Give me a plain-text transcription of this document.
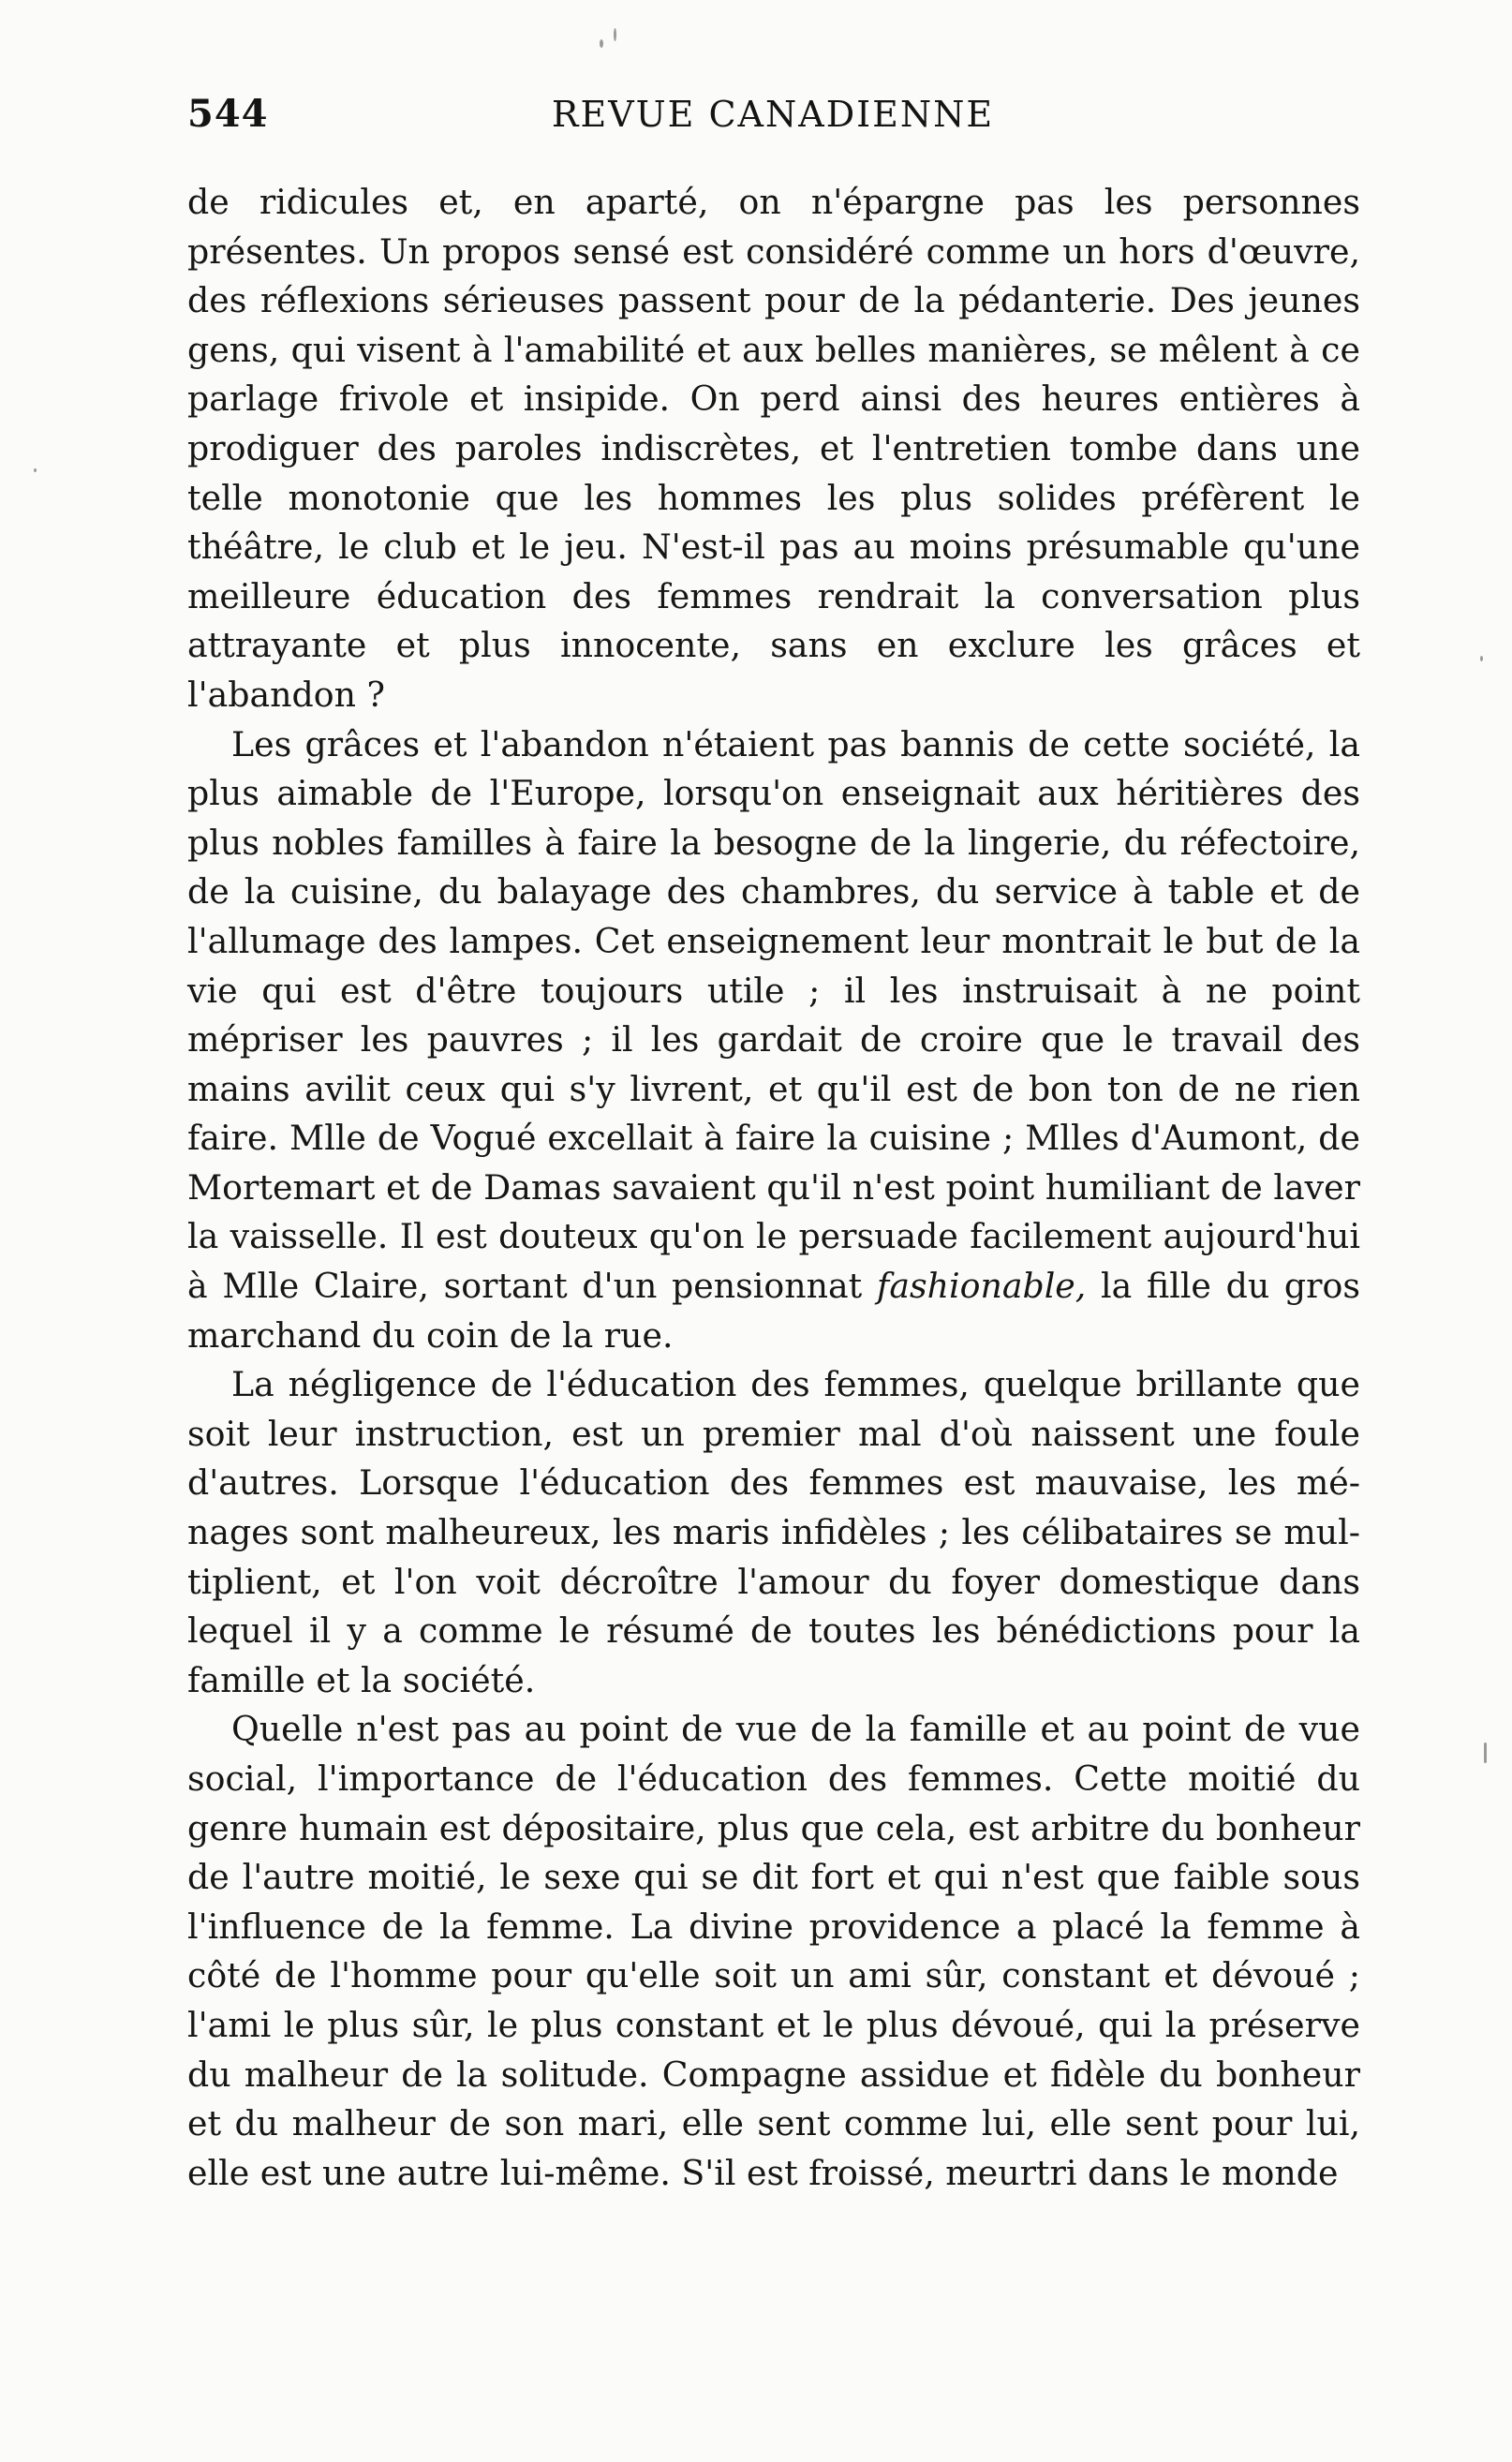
544	REVUE CANADIENNE

de ridicules et, en aparté, on n'épargne pas les personnes présentes. Un propos sensé est considéré comme un hors d'œuvre, des réflexions sérieuses passent pour de la pédanterie. Des jeunes gens, qui visent à l'amabilité et aux belles manières, se mêlent à ce parlage frivole et insipide. On perd ainsi des heures entières à prodiguer des paroles indiscrètes, et l'entretien tombe dans une telle monotonie que les hommes les plus solides préfèrent le théâtre, le club et le jeu. N'est-il pas au moins présumable qu'une meilleure éducation des femmes rendrait la conversation plus attrayante et plus innocente, sans en exclure les grâces et l'abandon ?

Les grâces et l'abandon n'étaient pas bannis de cette société, la plus aimable de l'Europe, lorsqu'on enseignait aux héritières des plus nobles familles à faire la besogne de la lingerie, du réfectoire, de la cuisine, du balayage des chambres, du service à table et de l'allumage des lampes. Cet enseignement leur montrait le but de la vie qui est d'être toujours utile ; il les instruisait à ne point mépriser les pauvres ; il les gardait de croire que le travail des mains avilit ceux qui s'y livrent, et qu'il est de bon ton de ne rien faire. Mlle de Vogué excellait à faire la cuisine ; Mlles d'Aumont, de Mortemart et de Damas savaient qu'il n'est point humiliant de laver la vaisselle. Il est douteux qu'on le persuade facilement aujourd'hui à Mlle Claire, sortant d'un pensionnat fashionable, la fille du gros marchand du coin de la rue.

La négligence de l'éducation des femmes, quelque brillante que soit leur instruction, est un premier mal d'où naissent une foule d'autres. Lorsque l'éducation des femmes est mauvaise, les ménages sont malheureux, les maris infidèles ; les célibataires se multiplient, et l'on voit décroître l'amour du foyer domestique dans lequel il y a comme le résumé de toutes les bénédictions pour la famille et la société.

Quelle n'est pas au point de vue de la famille et au point de vue social, l'importance de l'éducation des femmes. Cette moitié du genre humain est dépositaire, plus que cela, est arbitre du bonheur de l'autre moitié, le sexe qui se dit fort et qui n'est que faible sous l'influence de la femme. La divine providence a placé la femme à côté de l'homme pour qu'elle soit un ami sûr, constant et dévoué ; l'ami le plus sûr, le plus constant et le plus dévoué, qui la préserve du malheur de la solitude. Compagne assidue et fidèle du bonheur et du malheur de son mari, elle sent comme lui, elle sent pour lui, elle est une autre lui-même. S'il est froissé, meurtri dans le monde
